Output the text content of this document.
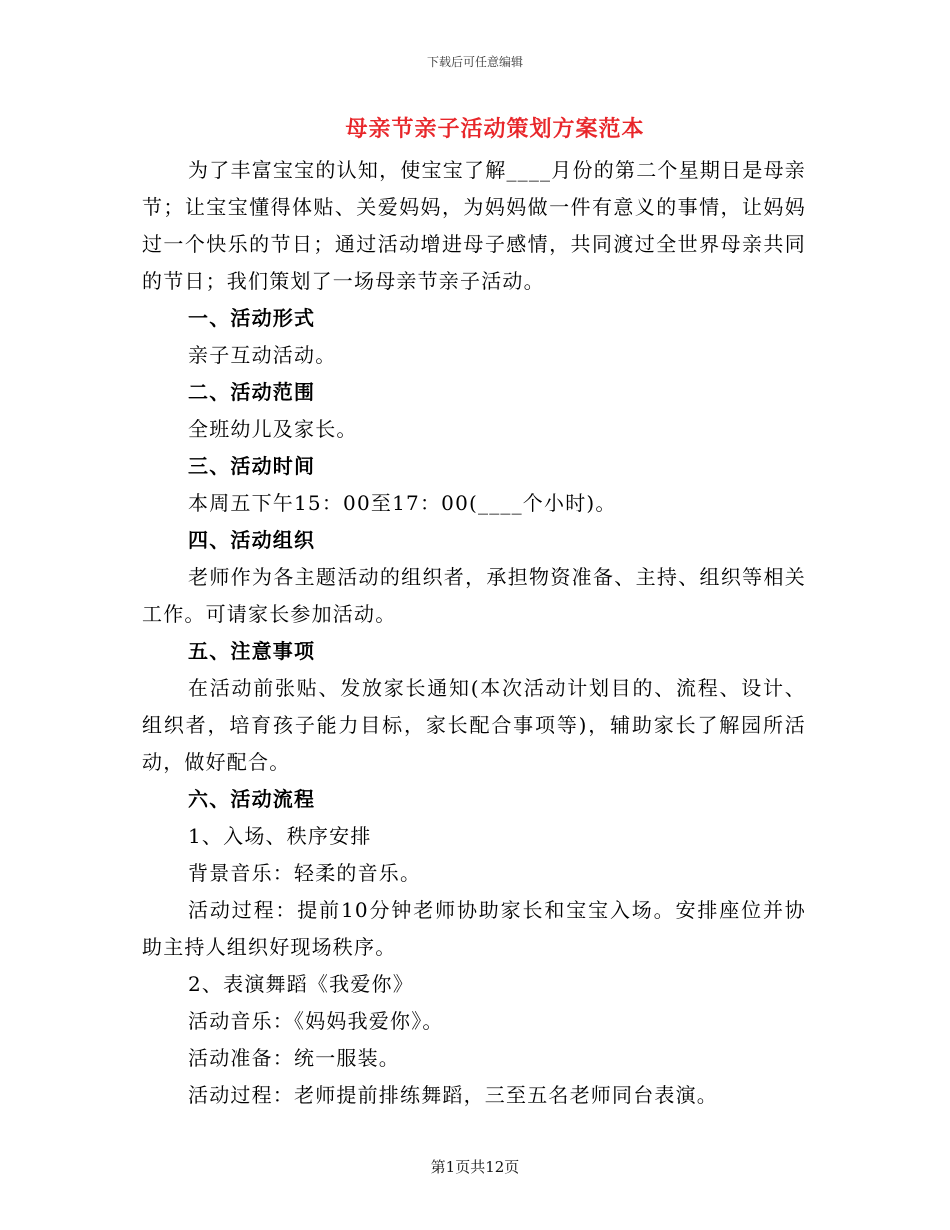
下载后可任意编辑
母亲节亲子活动策划方案范本

为了丰富宝宝的认知，使宝宝了解____月份的第二个星期日是母亲节；让宝宝懂得体贴、关爱妈妈，为妈妈做一件有意义的事情，让妈妈过一个快乐的节日；通过活动增进母子感情，共同渡过全世界母亲共同的节日；我们策划了一场母亲节亲子活动。

一、活动形式

亲子互动活动。

二、活动范围

全班幼儿及家长。

三、活动时间

本周五下午15：00至17：00(____个小时)。

四、活动组织

老师作为各主题活动的组织者，承担物资准备、主持、组织等相关工作。可请家长参加活动。

五、注意事项

在活动前张贴、发放家长通知(本次活动计划目的、流程、设计、组织者，培育孩子能力目标，家长配合事项等)，辅助家长了解园所活动，做好配合。

六、活动流程

1、入场、秩序安排

背景音乐：轻柔的音乐。

活动过程：提前10分钟老师协助家长和宝宝入场。安排座位并协助主持人组织好现场秩序。

2、表演舞蹈《我爱你》

活动音乐：《妈妈我爱你》。

活动准备：统一服装。

活动过程：老师提前排练舞蹈，三至五名老师同台表演。

第1页共12页
